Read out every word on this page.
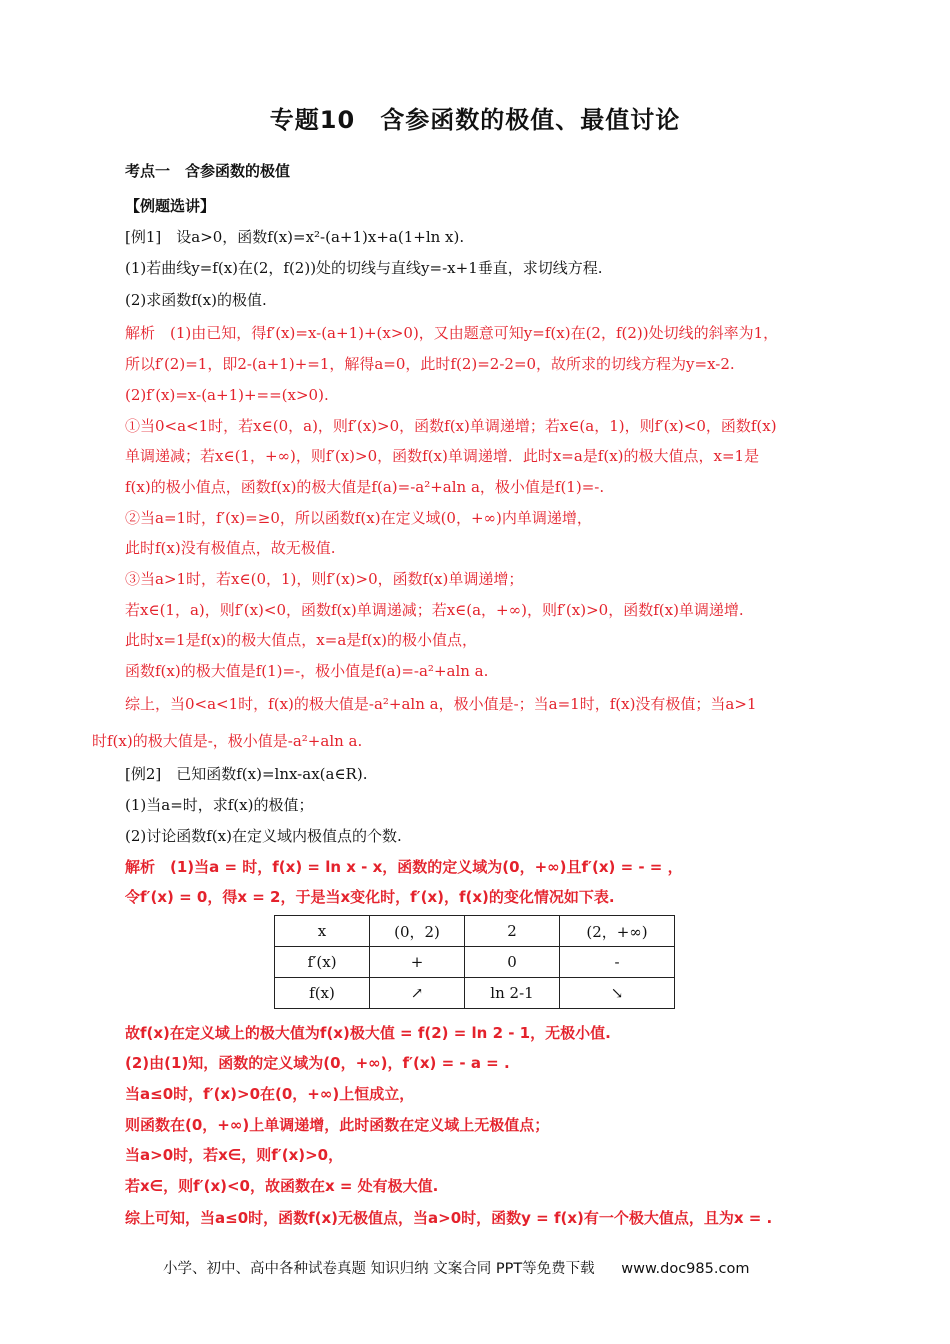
专题10　含参函数的极值、最值讨论
考点一　含参函数的极值
【例题选讲】
[例1]　设a>0，函数f(x)=x²-(a+1)x+a(1+ln x).
(1)若曲线y=f(x)在(2，f(2))处的切线与直线y=-x+1垂直，求切线方程.
(2)求函数f(x)的极值.
解析　(1)由已知，得f′(x)=x-(a+1)+(x>0)，又由题意可知y=f(x)在(2，f(2))处切线的斜率为1，
所以f′(2)=1，即2-(a+1)+=1，解得a=0，此时f(2)=2-2=0，故所求的切线方程为y=x-2.
(2)f′(x)=x-(a+1)+==(x>0).
①当0<a<1时，若x∈(0，a)，则f′(x)>0，函数f(x)单调递增；若x∈(a，1)，则f′(x)<0，函数f(x)
单调递减；若x∈(1，+∞)，则f′(x)>0，函数f(x)单调递增．此时x=a是f(x)的极大值点，x=1是
f(x)的极小值点，函数f(x)的极大值是f(a)=-a²+aln a，极小值是f(1)=-.
②当a=1时，f′(x)=≥0，所以函数f(x)在定义域(0，+∞)内单调递增，
此时f(x)没有极值点，故无极值.
③当a>1时，若x∈(0，1)，则f′(x)>0，函数f(x)单调递增；
若x∈(1，a)，则f′(x)<0，函数f(x)单调递减；若x∈(a，+∞)，则f′(x)>0，函数f(x)单调递增.
此时x=1是f(x)的极大值点，x=a是f(x)的极小值点，
函数f(x)的极大值是f(1)=-，极小值是f(a)=-a²+aln a.
综上，当0<a<1时，f(x)的极大值是-a²+aln a，极小值是-；当a=1时，f(x)没有极值；当a>1
时f(x)的极大值是-，极小值是-a²+aln a.
[例2]　已知函数f(x)=lnx-ax(a∈R).
(1)当a=时，求f(x)的极值；
(2)讨论函数f(x)在定义域内极值点的个数.
解析　(1)当a = 时，f(x) = ln x - x，函数的定义域为(0，+∞)且f′(x) = - = ，
令f′(x) = 0，得x = 2，于是当x变化时，f′(x)，f(x)的变化情况如下表.
x	(0，2)	2	(2，+∞)
f′(x)	+	0	-
f(x)	↗	ln 2-1	↘
故f(x)在定义域上的极大值为f(x)极大值 = f(2) = ln 2 - 1，无极小值.
(2)由(1)知，函数的定义域为(0，+∞)，f′(x) = - a = .
当a≤0时，f′(x)>0在(0，+∞)上恒成立，
则函数在(0，+∞)上单调递增，此时函数在定义域上无极值点；
当a>0时，若x∈，则f′(x)>0，
若x∈，则f′(x)<0，故函数在x = 处有极大值.
综上可知，当a≤0时，函数f(x)无极值点，当a>0时，函数y = f(x)有一个极大值点，且为x = .
小学、初中、高中各种试卷真题 知识归纳 文案合同 PPT等免费下载 www.doc985.com
